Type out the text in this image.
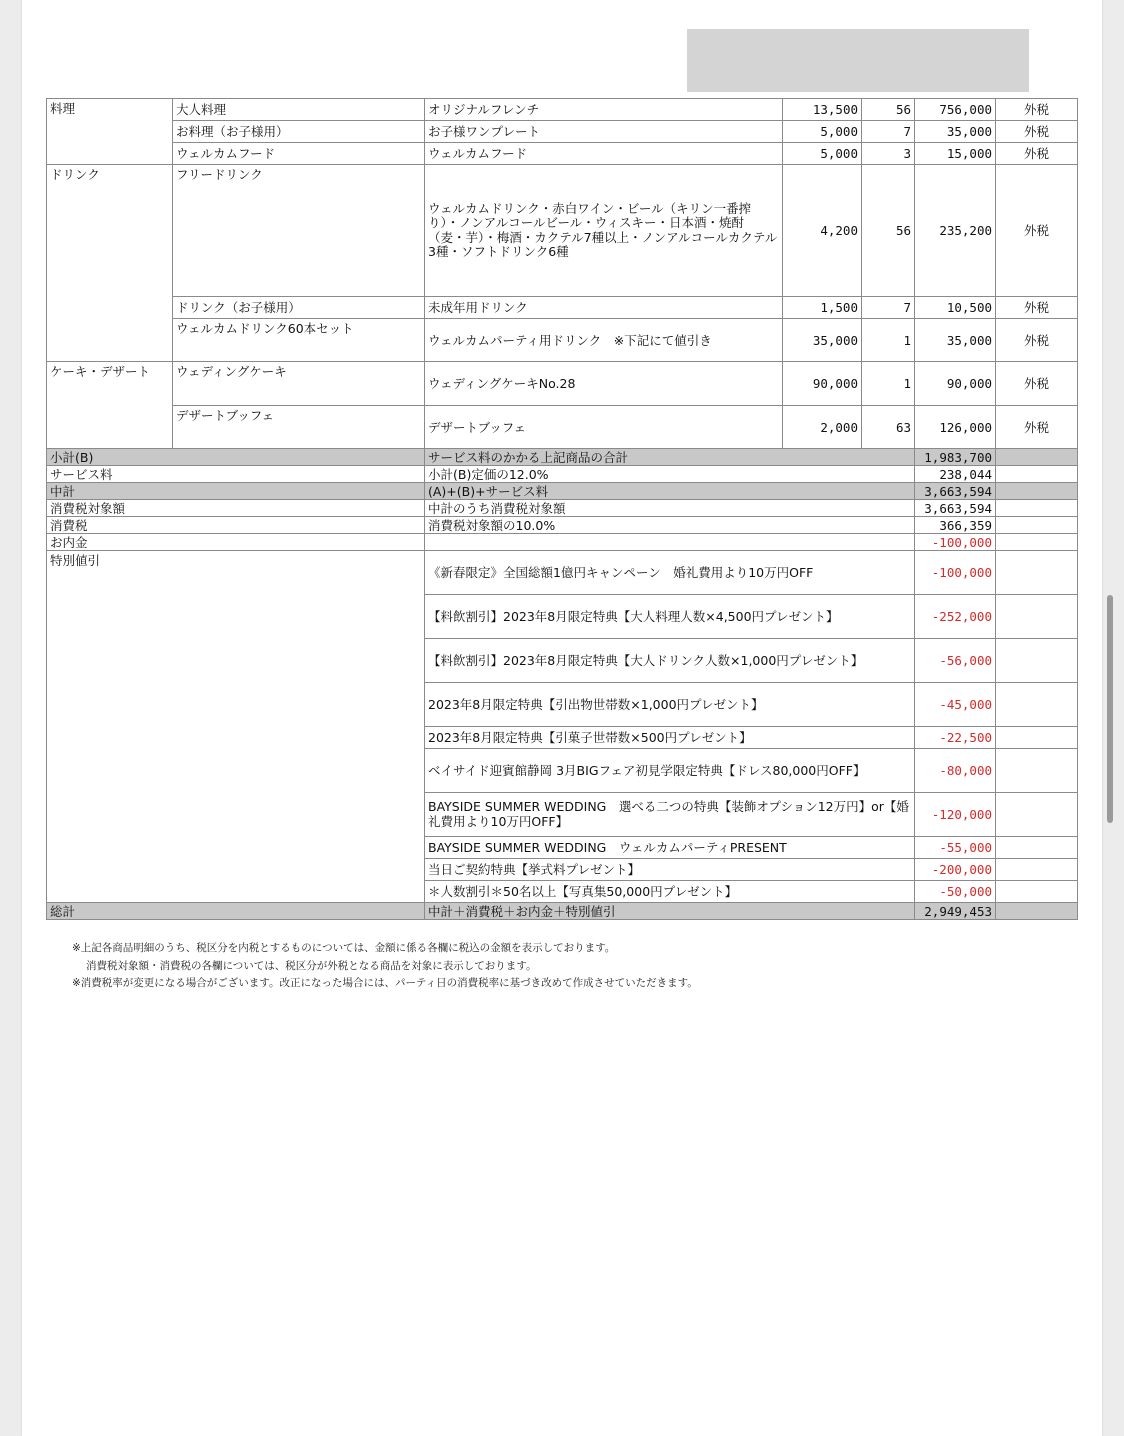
料理	大人料理	オリジナルフレンチ	13,500	56	756,000	外税
	お料理（お子様用）	お子様ワンプレート	5,000	7	35,000	外税
	ウェルカムフード	ウェルカムフード	5,000	3	15,000	外税
ドリンク	フリードリンク	ウェルカムドリンク・赤白ワイン・ビール（キリン一番搾り）・ノンアルコールビール・ウィスキー・日本酒・焼酎（麦・芋）・梅酒・カクテル7種以上・ノンアルコールカクテル3種・ソフトドリンク6種	4,200	56	235,200	外税
	ドリンク（お子様用）	未成年用ドリンク	1,500	7	10,500	外税
	ウェルカムドリンク60本セット	ウェルカムパーティ用ドリンク　※下記にて値引き	35,000	1	35,000	外税
ケーキ・デザート	ウェディングケーキ	ウェディングケーキNo.28	90,000	1	90,000	外税
	デザートブッフェ	デザートブッフェ	2,000	63	126,000	外税
小計(B)		サービス料のかかる上記商品の合計			1,983,700	
サービス料		小計(B)定価の12.0%			238,044	
中計		(A)+(B)+サービス料			3,663,594	
消費税対象額		中計のうち消費税対象額			3,663,594	
消費税		消費税対象額の10.0%			366,359	
お内金					-100,000	
特別値引		《新春限定》全国総額1億円キャンペーン　婚礼費用より10万円OFF			-100,000	
		【料飲割引】2023年8月限定特典【大人料理人数×4,500円プレゼント】			-252,000	
		【料飲割引】2023年8月限定特典【大人ドリンク人数×1,000円プレゼント】			-56,000	
		2023年8月限定特典【引出物世帯数×1,000円プレゼント】			-45,000	
		2023年8月限定特典【引菓子世帯数×500円プレゼント】			-22,500	
		ベイサイド迎賓館静岡 3月BIGフェア初見学限定特典【ドレス80,000円OFF】			-80,000	
		BAYSIDE SUMMER WEDDING　選べる二つの特典【装飾オプション12万円】or【婚礼費用より10万円OFF】			-120,000	
		BAYSIDE SUMMER WEDDING　ウェルカムパーティPRESENT			-55,000	
		当日ご契約特典【挙式料プレゼント】			-200,000	
		＊人数割引＊50名以上【写真集50,000円プレゼント】			-50,000	
総計		中計＋消費税＋お内金＋特別値引			2,949,453	
※上記各商品明細のうち、税区分を内税とするものについては、金額に係る各欄に税込の金額を表示しております。
消費税対象額・消費税の各欄については、税区分が外税となる商品を対象に表示しております。
※消費税率が変更になる場合がございます。改正になった場合には、パーティ日の消費税率に基づき改めて作成させていただきます。
